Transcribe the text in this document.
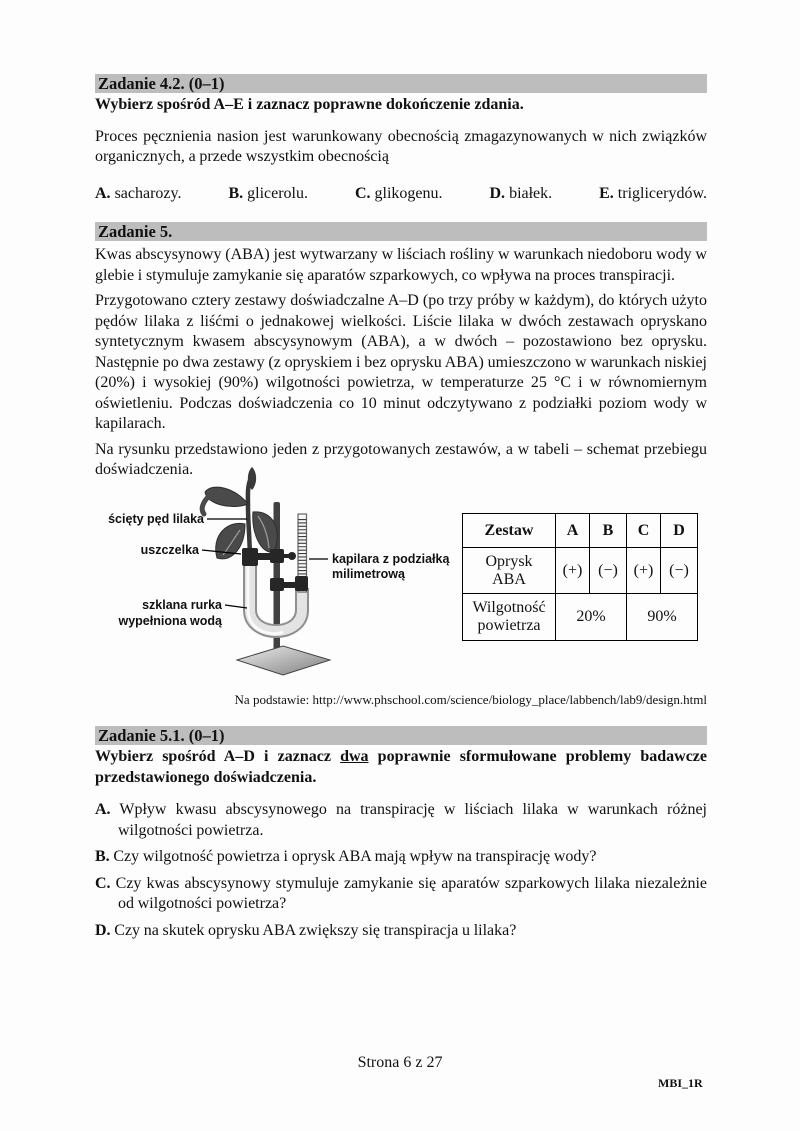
Zadanie 4.2. (0–1)

Wybierz spośród A–E i zaznacz poprawne dokończenie zdania.

Proces pęcznienia nasion jest warunkowany obecnością zmagazynowanych w nich związków organicznych, a przede wszystkim obecnością

A. sacharozy.	B. glicerolu.	C. glikogenu.	D. białek.	E. triglicerydów.
Zadanie 5.

Kwas abscysynowy (ABA) jest wytwarzany w liściach rośliny w warunkach niedoboru wody w glebie i stymuluje zamykanie się aparatów szparkowych, co wpływa na proces transpiracji.

Przygotowano cztery zestawy doświadczalne A–D (po trzy próby w każdym), do których użyto pędów lilaka z liśćmi o jednakowej wielkości. Liście lilaka w dwóch zestawach opryskano syntetycznym kwasem abscysynowym (ABA), a w dwóch – pozostawiono bez oprysku. Następnie po dwa zestawy (z opryskiem i bez oprysku ABA) umieszczono w warunkach niskiej (20%) i wysokiej (90%) wilgotności powietrza, w temperaturze 25 °C i w równomiernym oświetleniu. Podczas doświadczenia co 10 minut odczytywano z podziałki poziom wody w kapilarach.

Na rysunku przedstawiono jeden z przygotowanych zestawów, a w tabeli – schemat przebiegu doświadczenia.

ścięty pęd lilaka
uszczelka
kapilara z podziałką
milimetrową
szklana rurka
wypełniona wodą
Zestaw	A	B	C	D

Oprysk
ABA	(+)	(−)	(+)	(−)

Wilgotność
powietrza	20%		90%	
Na podstawie: http://www.phschool.com/science/biology_place/labbench/lab9/design.html
Zadanie 5.1. (0–1)

Wybierz spośród A–D i zaznacz dwa poprawnie sformułowane problemy badawcze przedstawionego doświadczenia.

A. Wpływ kwasu abscysynowego na transpirację w liściach lilaka w warunkach różnej wilgotności powietrza.

B. Czy wilgotność powietrza i oprysk ABA mają wpływ na transpirację wody?

C. Czy kwas abscysynowy stymuluje zamykanie się aparatów szparkowych lilaka niezależnie od wilgotności powietrza?

D. Czy na skutek oprysku ABA zwiększy się transpiracja u lilaka?

Strona 6 z 27
MBI_1R
